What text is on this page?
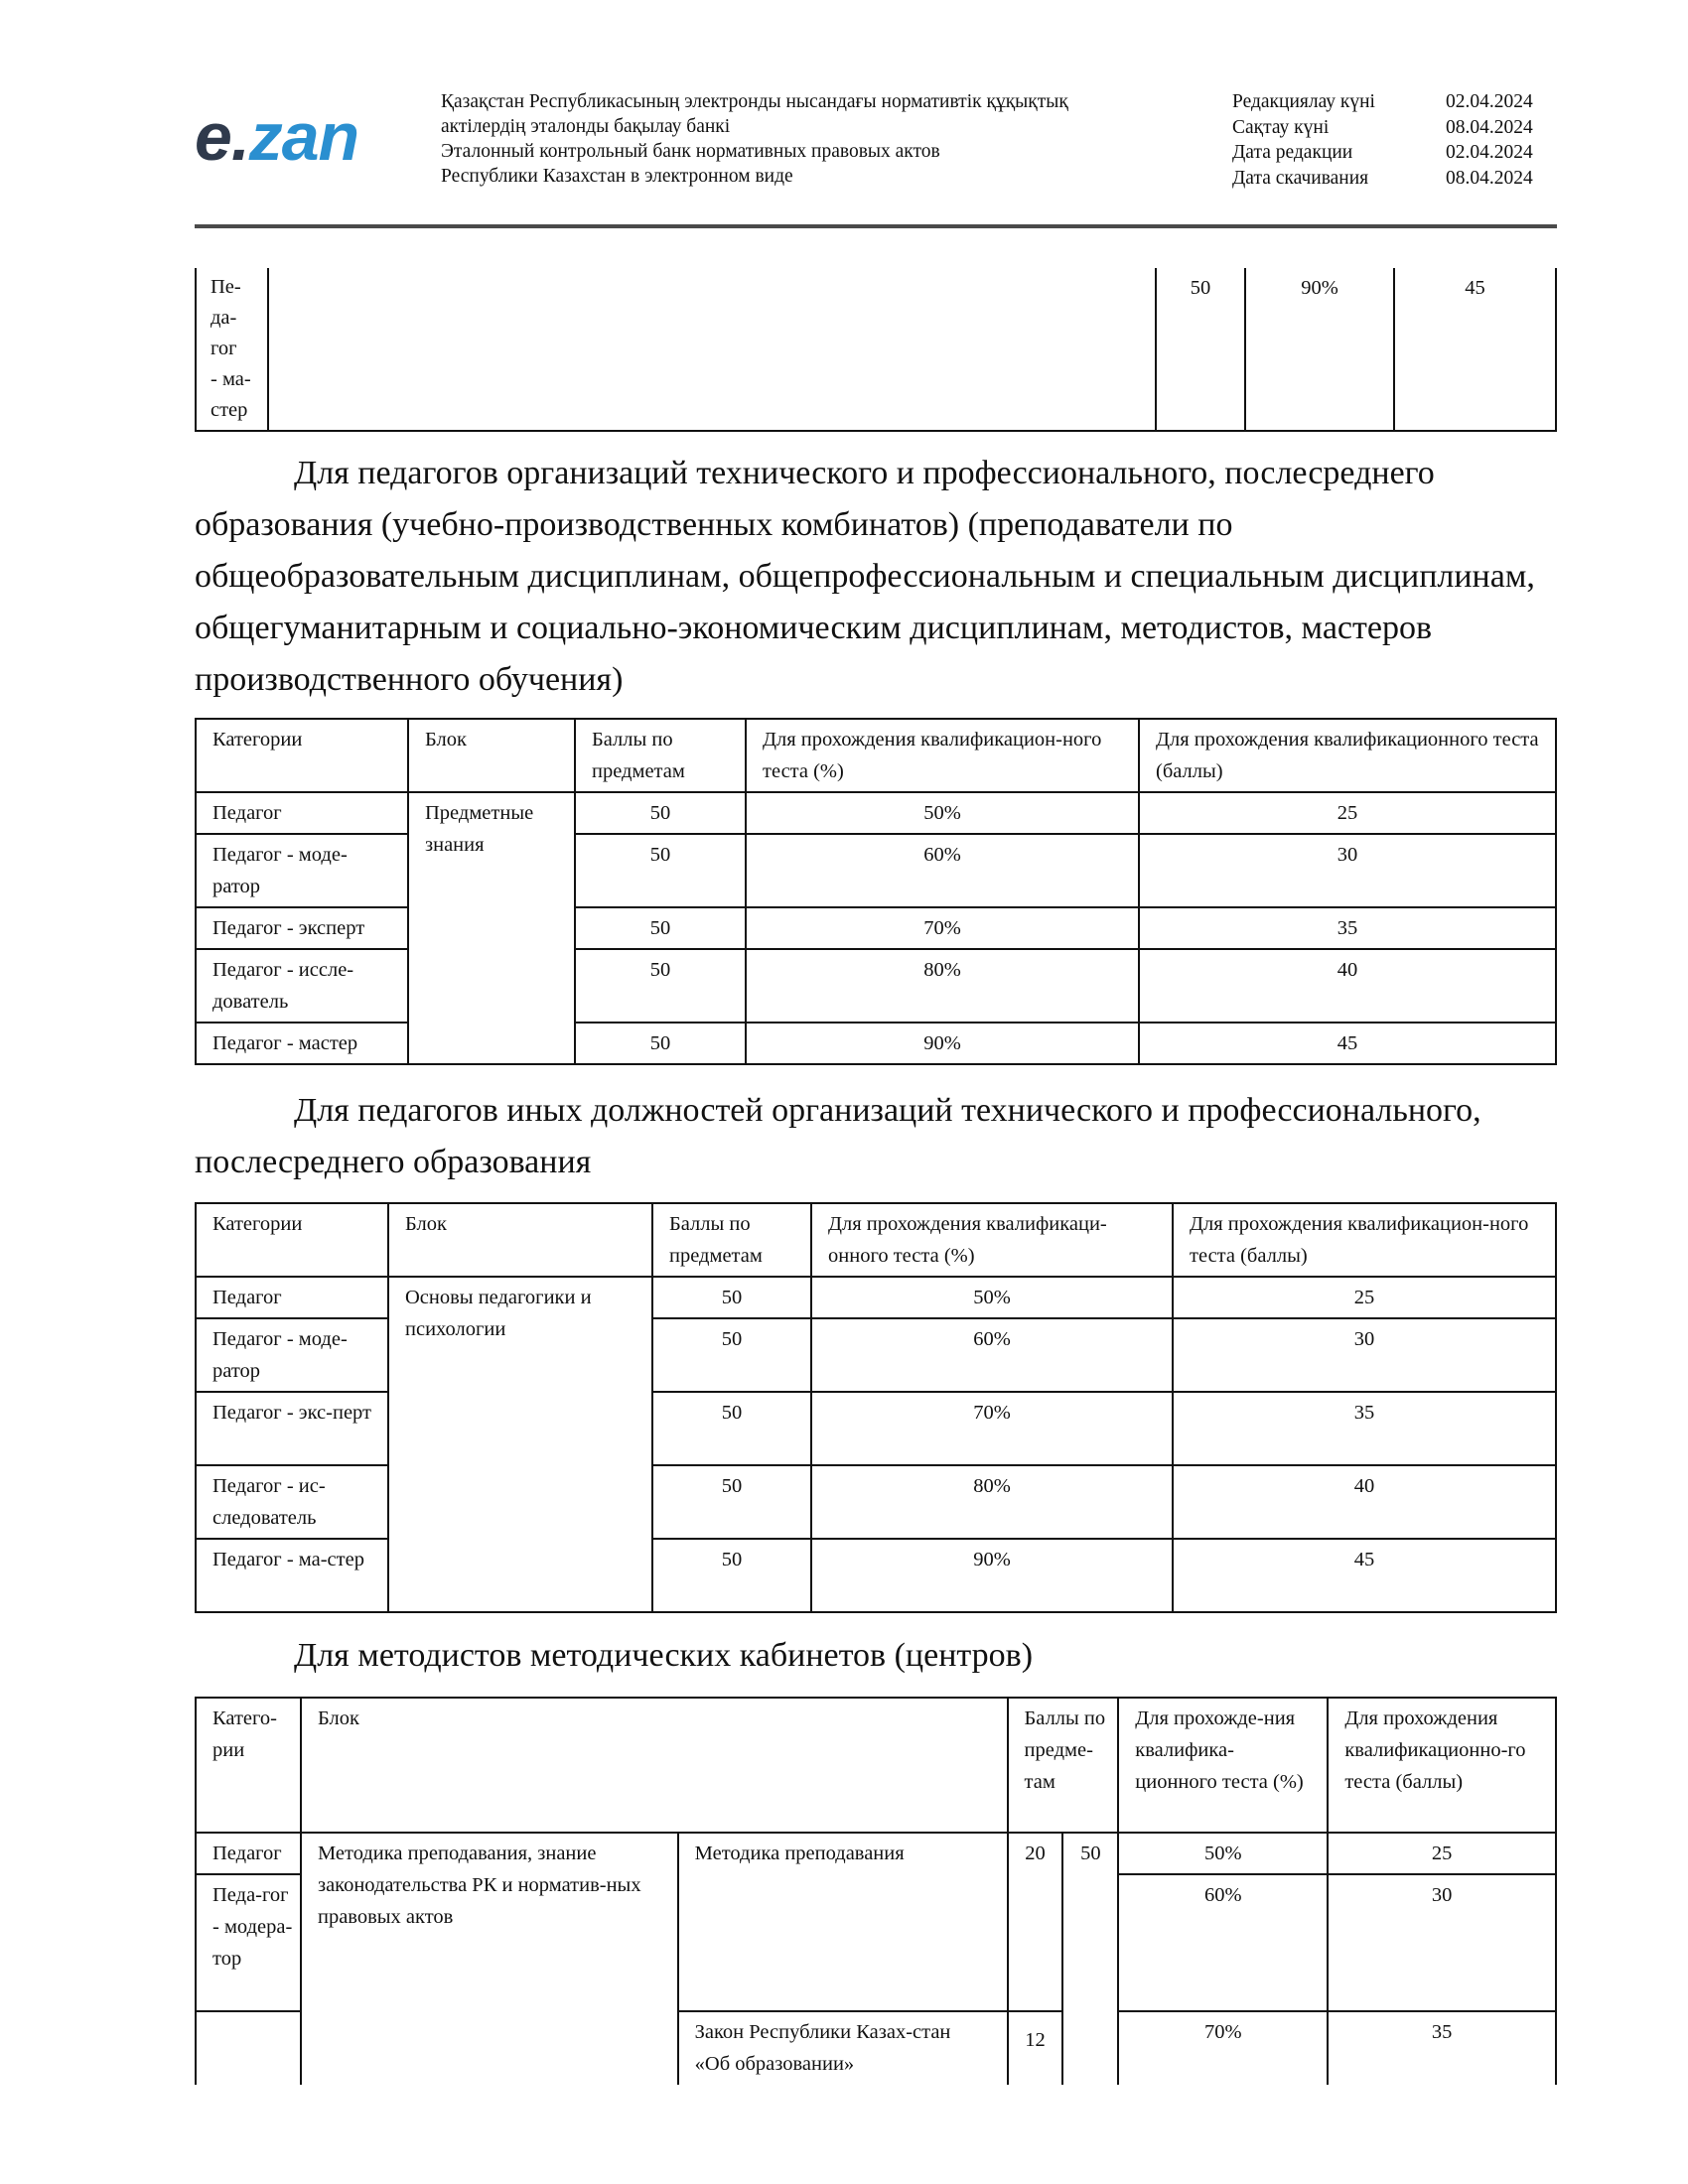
e.zan	Қазақстан Республикасының электронды нысандағы нормативтік құқықтық
актілердің эталонды бақылау банкі
Эталонный контрольный банк нормативных правовых актов
Республики Казахстан в электронном виде
Редакциялау күні	02.04.2024
Сақтау күні	08.04.2024
Дата редакции	02.04.2024
Дата скачивания	08.04.2024
Пе-
да-
гог
- ма-
стер		50	90%	45

Для педагогов организаций технического и профессионального, послесреднего образования (учебно-производственных комбинатов) (преподаватели по общеобразовательным дисциплинам, общепрофессиональным и специальным дисциплинам, общегуманитарным и социально-экономическим дисциплинам, методистов, мастеров производственного обучения)

Категории	Блок	Баллы по предметам	Для прохождения квалификацион-ного теста (%)	Для прохождения квалификационного теста (баллы)
Педагог	Предметные знания	50	50%	25
Педагог - моде-ратор		50	60%	30
Педагог - эксперт		50	70%	35
Педагог - иссле-дователь		50	80%	40
Педагог - мастер		50	90%	45

Для педагогов иных должностей организаций технического и профессионального, послесреднего образования

Категории	Блок	Баллы по предметам	Для прохождения квалификаци-онного теста (%)	Для прохождения квалификацион-ного теста (баллы)
Педагог	Основы педагогики и психологии	50	50%	25
Педагог - моде-ратор		50	60%	30
Педагог - экс-перт		50	70%	35
Педагог - ис-следователь		50	80%	40
Педагог - ма-стер		50	90%	45

Для методистов методических кабинетов (центров)

Катего-рии	Блок		Баллы по предме-там		Для прохожде-ния квалифика-ционного теста (%)	Для прохождения квалификационно-го теста (баллы)
Педагог	Методика преподавания, знание законодательства РК и норматив-ных правовых актов	Методика преподавания	20	50	50%	25
Педа-гог - модера-тор					60%	30
		Закон Республики Казах-стан «Об образовании»	12		70%	35
